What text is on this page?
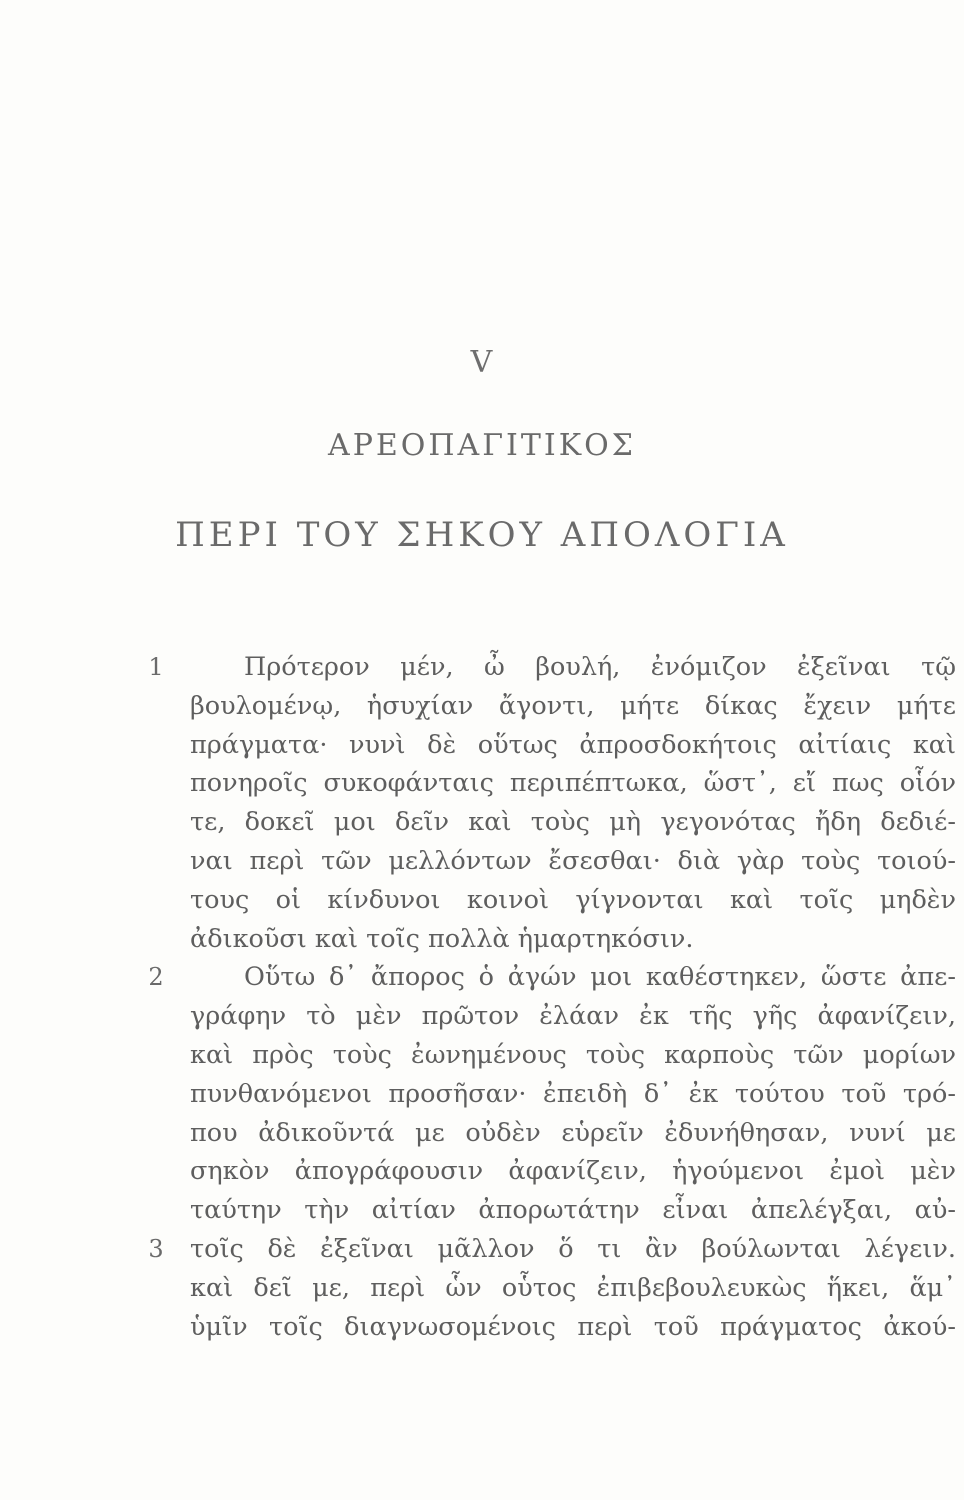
V
ΑΡΕΟΠΑΓΙΤΙΚΟΣ
ΠΕΡΙ ΤΟΥ ΣΗΚΟΥ ΑΠΟΛΟΓΙΑ
1	Πρότερον μέν, ὦ βουλή, ἐνόμιζον ἐξεῖναι τῷ
βουλομένῳ, ἡσυχίαν ἄγοντι, μήτε δίκας ἔχειν μήτε
πράγματα· νυνὶ δὲ οὕτως ἀπροσδοκήτοις αἰτίαις καὶ
πονηροῖς συκοφάνταις περιπέπτωκα, ὥστ᾽, εἴ πως οἷόν
τε, δοκεῖ μοι δεῖν καὶ τοὺς μὴ γεγονότας ἤδη δεδιέ-
ναι περὶ τῶν μελλόντων ἔσεσθαι· διὰ γὰρ τοὺς τοιού-
τους οἱ κίνδυνοι κοινοὶ γίγνονται καὶ τοῖς μηδὲν
ἀδικοῦσι καὶ τοῖς πολλὰ ἡμαρτηκόσιν.
2	Οὕτω δ᾽ ἄπορος ὁ ἀγών μοι καθέστηκεν, ὥστε ἀπε-
γράφην τὸ μὲν πρῶτον ἐλάαν ἐκ τῆς γῆς ἀφανίζειν,
καὶ πρὸς τοὺς ἐωνημένους τοὺς καρποὺς τῶν μορίων
πυνθανόμενοι προσῆσαν· ἐπειδὴ δ᾽ ἐκ τούτου τοῦ τρό-
που ἀδικοῦντά με οὐδὲν εὑρεῖν ἐδυνήθησαν, νυνί με
σηκὸν ἀπογράφουσιν ἀφανίζειν, ἡγούμενοι ἐμοὶ μὲν
ταύτην τὴν αἰτίαν ἀπορωτάτην εἶναι ἀπελέγξαι, αὐ-
3 τοῖς δὲ ἐξεῖναι μᾶλλον ὅ τι ἂν βούλωνται λέγειν.
καὶ δεῖ με, περὶ ὧν οὗτος ἐπιβεβουλευκὼς ἥκει, ἅμ᾽
ὑμῖν τοῖς διαγνωσομένοις περὶ τοῦ πράγματος ἀκού-
